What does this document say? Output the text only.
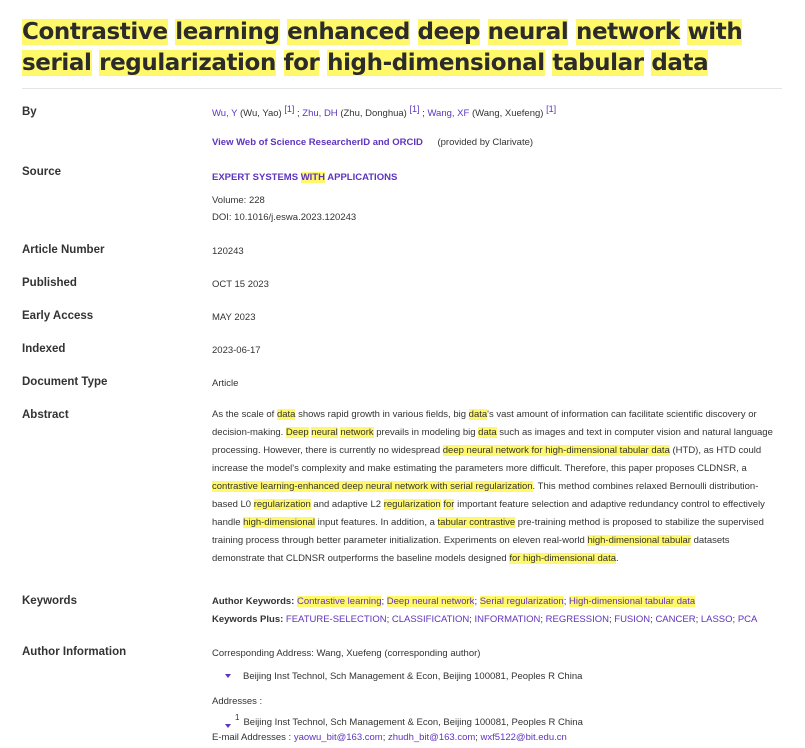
Contrastive learning enhanced deep neural network with serial regularization for high-dimensional tabular data
By	Wu, Y (Wu, Yao) [1] ; Zhu, DH (Zhu, Donghua) [1] ; Wang, XF (Wang, Xuefeng) [1]
View Web of Science ResearcherID and ORCID (provided by Clarivate)
Source	EXPERT SYSTEMS WITH APPLICATIONS
Volume: 228
DOI: 10.1016/j.eswa.2023.120243
Article Number	120243
Published	OCT 15 2023
Early Access	MAY 2023
Indexed	2023-06-17
Document Type	Article
Abstract	As the scale of data shows rapid growth in various fields, big data's vast amount of information can facilitate scientific discovery or decision-making. Deep neural network prevails in modeling big data such as images and text in computer vision and natural language processing. However, there is currently no widespread deep neural network for high-dimensional tabular data (HTD), as HTD could increase the model's complexity and make estimating the parameters more difficult. Therefore, this paper proposes CLDNSR, a contrastive learning-enhanced deep neural network with serial regularization. This method combines relaxed Bernoulli distribution-based L0 regularization and adaptive L2 regularization for important feature selection and adaptive redundancy control to effectively handle high-dimensional input features. In addition, a tabular contrastive pre-training method is proposed to stabilize the supervised training process through better parameter initialization. Experiments on eleven real-world high-dimensional tabular datasets demonstrate that CLDNSR outperforms the baseline models designed for high-dimensional data.
Keywords	Author Keywords: Contrastive learning; Deep neural network; Serial regularization; High-dimensional tabular data
Keywords Plus: FEATURE-SELECTION; CLASSIFICATION; INFORMATION; REGRESSION; FUSION; CANCER; LASSO; PCA
Author Information	Corresponding Address: Wang, Xuefeng (corresponding author)
Beijing Inst Technol, Sch Management & Econ, Beijing 100081, Peoples R China
Addresses :
$^1$ Beijing Inst Technol, Sch Management & Econ, Beijing 100081, Peoples R China
E-mail Addresses : yaowu_bit@163.com; zhudh_bit@163.com; wxf5122@bit.edu.cn
